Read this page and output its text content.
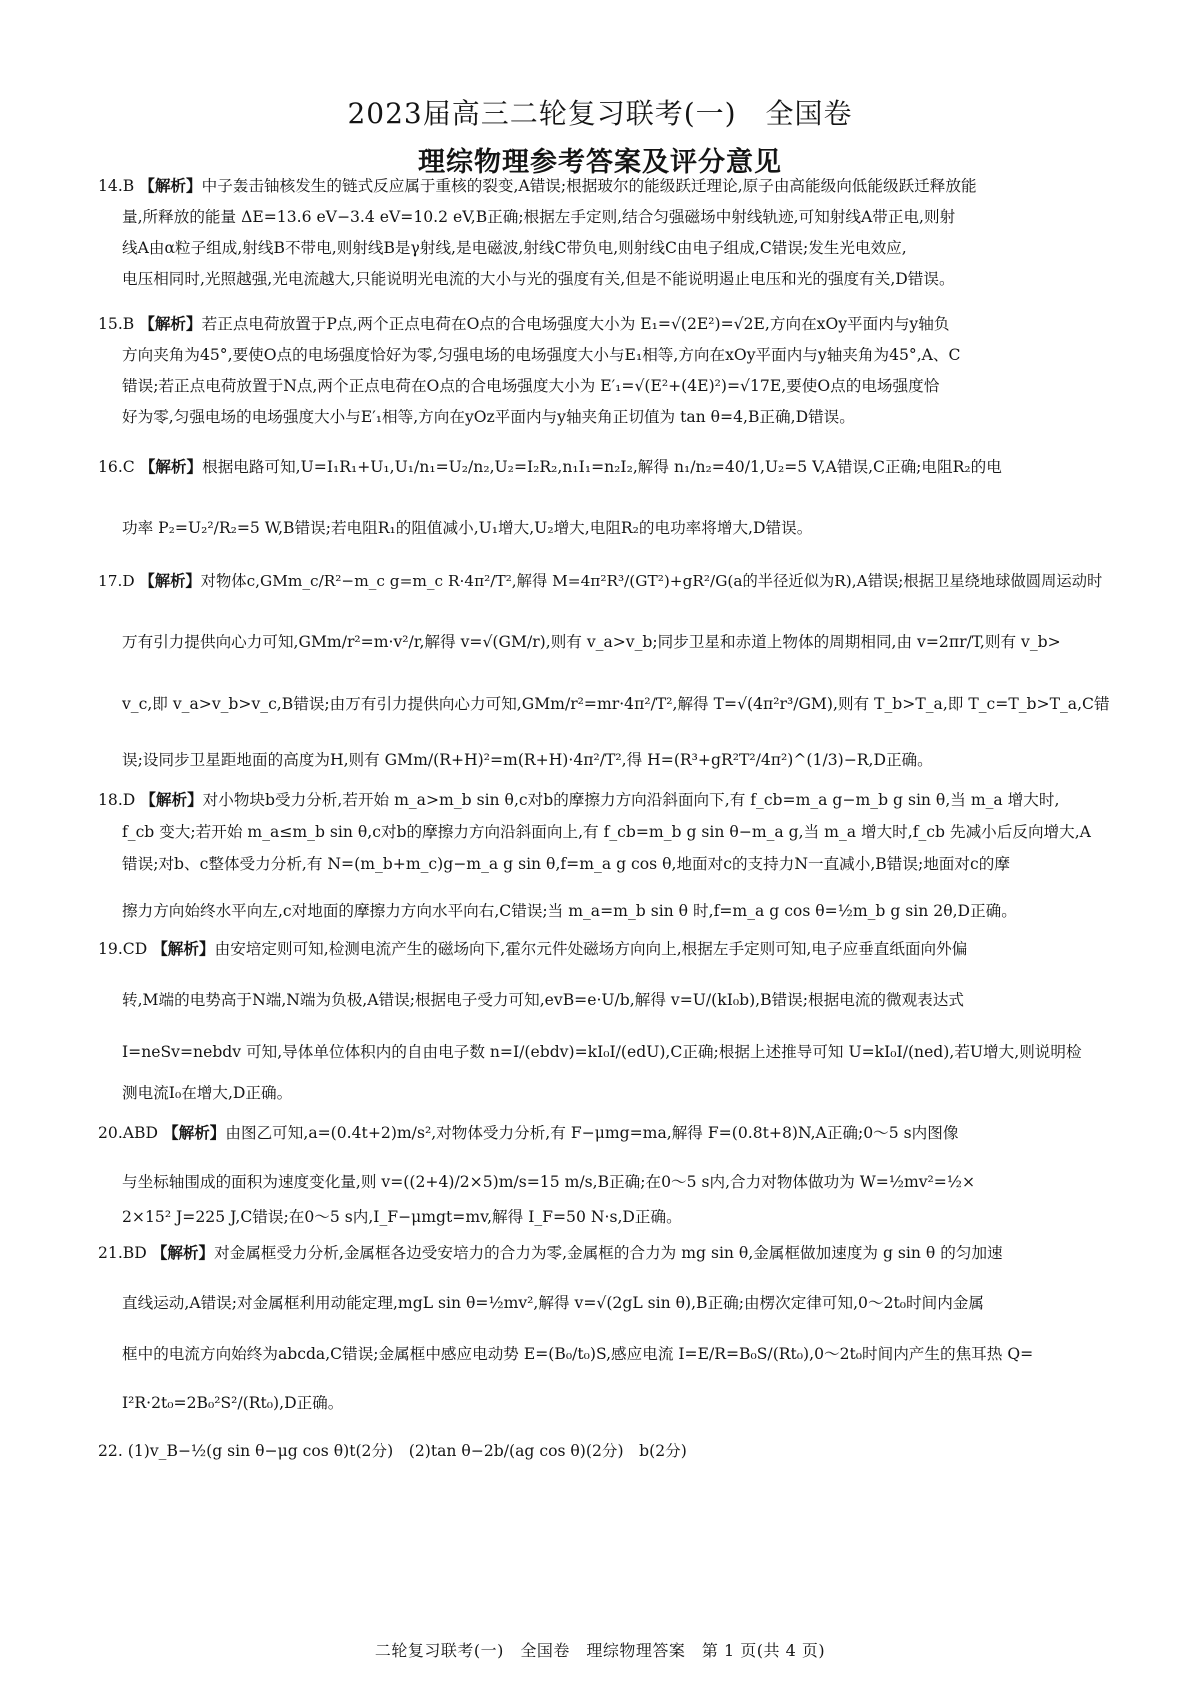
2023届高三二轮复习联考(一)　全国卷
理综物理参考答案及评分意见
14.B 【解析】中子轰击铀核发生的链式反应属于重核的裂变,A错误;根据玻尔的能级跃迁理论,原子由高能级向低能级跃迁释放能
量,所释放的能量 ΔE=13.6 eV−3.4 eV=10.2 eV,B正确;根据左手定则,结合匀强磁场中射线轨迹,可知射线A带正电,则射
线A由α粒子组成,射线B不带电,则射线B是γ射线,是电磁波,射线C带负电,则射线C由电子组成,C错误;发生光电效应,
电压相同时,光照越强,光电流越大,只能说明光电流的大小与光的强度有关,但是不能说明遏止电压和光的强度有关,D错误。
15.B 【解析】若正点电荷放置于P点,两个正点电荷在O点的合电场强度大小为 E₁=√(2E²)=√2E,方向在xOy平面内与y轴负
方向夹角为45°,要使O点的电场强度恰好为零,匀强电场的电场强度大小与E₁相等,方向在xOy平面内与y轴夹角为45°,A、C
错误;若正点电荷放置于N点,两个正点电荷在O点的合电场强度大小为 E′₁=√(E²+(4E)²)=√17E,要使O点的电场强度恰
好为零,匀强电场的电场强度大小与E′₁相等,方向在yOz平面内与y轴夹角正切值为 tan θ=4,B正确,D错误。
16.C 【解析】根据电路可知,U=I₁R₁+U₁,U₁/n₁=U₂/n₂,U₂=I₂R₂,n₁I₁=n₂I₂,解得 n₁/n₂=40/1,U₂=5 V,A错误,C正确;电阻R₂的电
功率 P₂=U₂²/R₂=5 W,B错误;若电阻R₁的阻值减小,U₁增大,U₂增大,电阻R₂的电功率将增大,D错误。
17.D 【解析】对物体c,GMm_c/R²−m_c g=m_c R·4π²/T²,解得 M=4π²R³/(GT²)+gR²/G(a的半径近似为R),A错误;根据卫星绕地球做圆周运动时
万有引力提供向心力可知,GMm/r²=m·v²/r,解得 v=√(GM/r),则有 v_a>v_b;同步卫星和赤道上物体的周期相同,由 v=2πr/T,则有 v_b>
v_c,即 v_a>v_b>v_c,B错误;由万有引力提供向心力可知,GMm/r²=mr·4π²/T²,解得 T=√(4π²r³/GM),则有 T_b>T_a,即 T_c=T_b>T_a,C错
误;设同步卫星距地面的高度为H,则有 GMm/(R+H)²=m(R+H)·4π²/T²,得 H=(R³+gR²T²/4π²)^(1/3)−R,D正确。
18.D 【解析】对小物块b受力分析,若开始 m_a>m_b sin θ,c对b的摩擦力方向沿斜面向下,有 f_cb=m_a g−m_b g sin θ,当 m_a 增大时,
f_cb 变大;若开始 m_a≤m_b sin θ,c对b的摩擦力方向沿斜面向上,有 f_cb=m_b g sin θ−m_a g,当 m_a 增大时,f_cb 先减小后反向增大,A
错误;对b、c整体受力分析,有 N=(m_b+m_c)g−m_a g sin θ,f=m_a g cos θ,地面对c的支持力N一直减小,B错误;地面对c的摩
擦力方向始终水平向左,c对地面的摩擦力方向水平向右,C错误;当 m_a=m_b sin θ 时,f=m_a g cos θ=½m_b g sin 2θ,D正确。
19.CD 【解析】由安培定则可知,检测电流产生的磁场向下,霍尔元件处磁场方向向上,根据左手定则可知,电子应垂直纸面向外偏
转,M端的电势高于N端,N端为负极,A错误;根据电子受力可知,evB=e·U/b,解得 v=U/(kI₀b),B错误;根据电流的微观表达式
I=neSv=nebdv 可知,导体单位体积内的自由电子数 n=I/(ebdv)=kI₀I/(edU),C正确;根据上述推导可知 U=kI₀I/(ned),若U增大,则说明检
测电流I₀在增大,D正确。
20.ABD 【解析】由图乙可知,a=(0.4t+2)m/s²,对物体受力分析,有 F−μmg=ma,解得 F=(0.8t+8)N,A正确;0～5 s内图像
与坐标轴围成的面积为速度变化量,则 v=((2+4)/2×5)m/s=15 m/s,B正确;在0～5 s内,合力对物体做功为 W=½mv²=½×
2×15² J=225 J,C错误;在0～5 s内,I_F−μmgt=mv,解得 I_F=50 N·s,D正确。
21.BD 【解析】对金属框受力分析,金属框各边受安培力的合力为零,金属框的合力为 mg sin θ,金属框做加速度为 g sin θ 的匀加速
直线运动,A错误;对金属框利用动能定理,mgL sin θ=½mv²,解得 v=√(2gL sin θ),B正确;由楞次定律可知,0～2t₀时间内金属
框中的电流方向始终为abcda,C错误;金属框中感应电动势 E=(B₀/t₀)S,感应电流 I=E/R=B₀S/(Rt₀),0～2t₀时间内产生的焦耳热 Q=
I²R·2t₀=2B₀²S²/(Rt₀),D正确。
22. (1)v_B−½(g sin θ−μg cos θ)t(2分)　(2)tan θ−2b/(ag cos θ)(2分)　b(2分)
二轮复习联考(一)　全国卷　理综物理答案　第 1 页(共 4 页)
